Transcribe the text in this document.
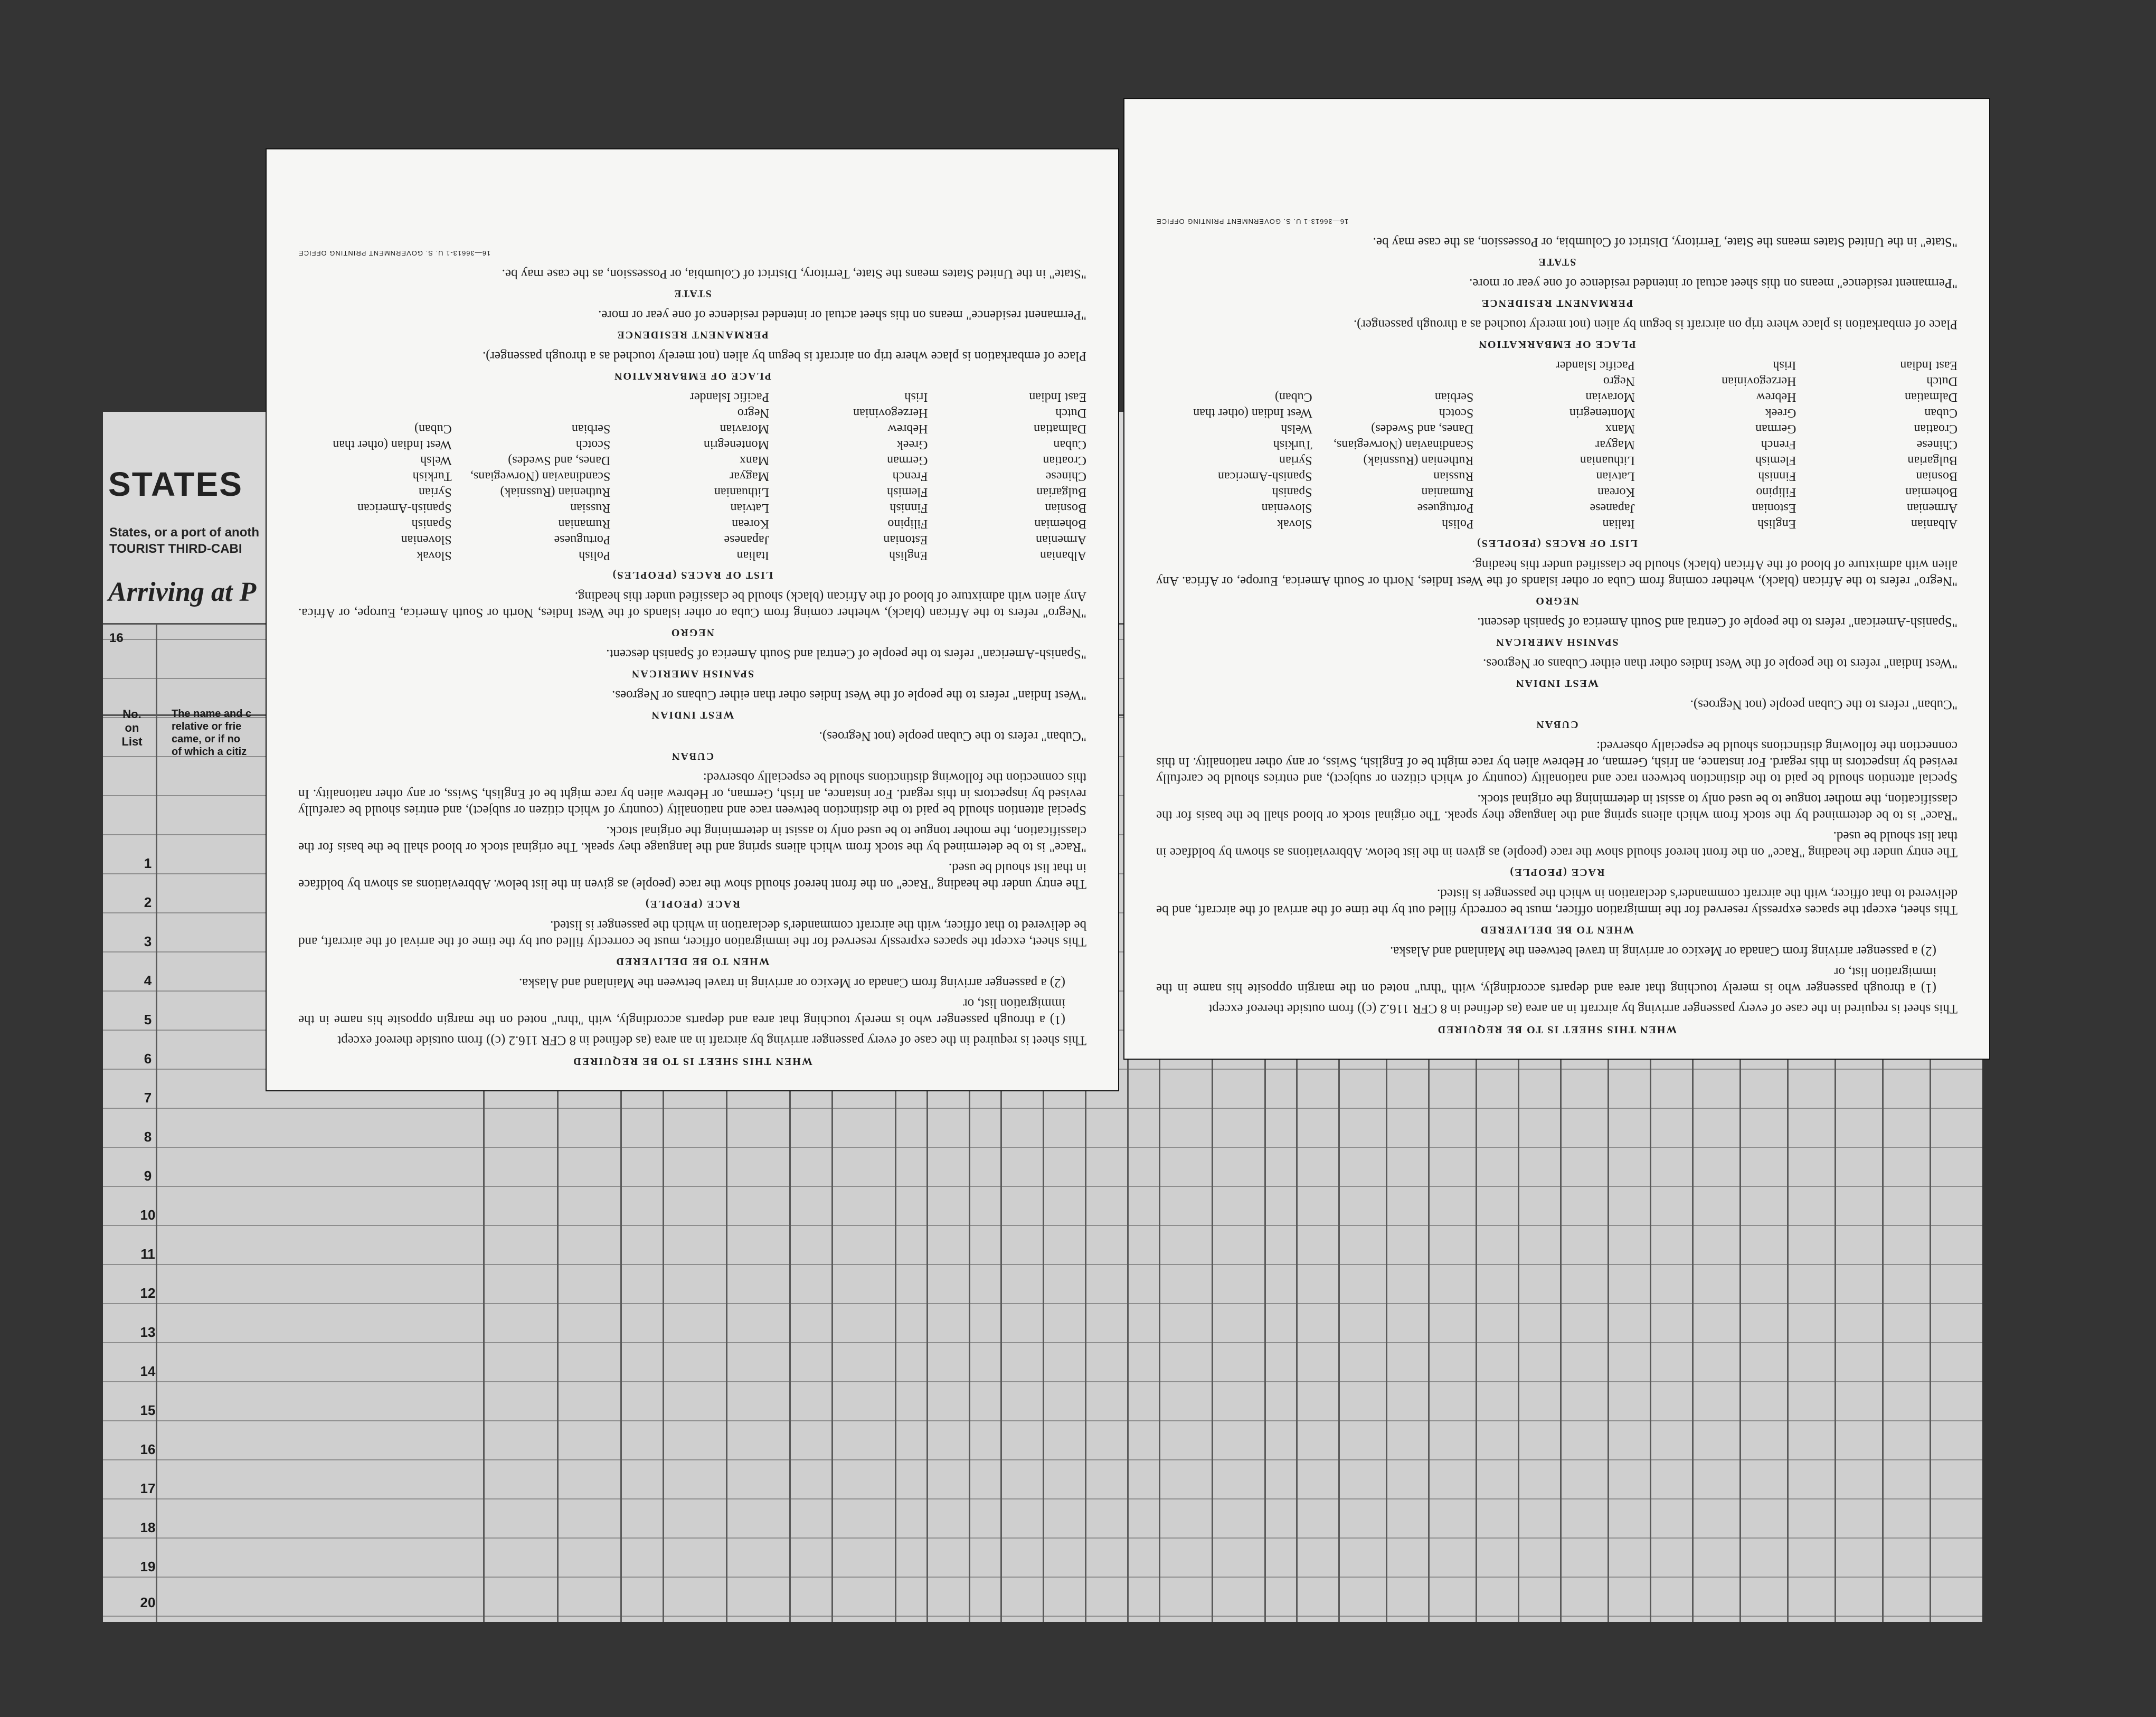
STATES
States, or a port of anoth
TOURIST THIRD-CABI
Arriving at P
16
No.
on
List
The name and c
relative or frie
came, or if no
of which a citiz
1
2
3
4
5
6
7
8
9
10
11
12
13
14
15
16
17
18
19
20
WHEN THIS SHEET IS TO BE REQUIRED

This sheet is required in the case of every passenger arriving by aircraft in an area (as defined in 8 CFR 116.2 (c)) from outside thereof except

(1) a through passenger who is merely touching that area and departs accordingly, with "thru" noted on the margin opposite his name in the immigration list, or

(2) a passenger arriving from Canada or Mexico or arriving in travel between the Mainland and Alaska.

WHEN TO BE DELIVERED

This sheet, except the spaces expressly reserved for the immigration officer, must be correctly filled out by the time of the arrival of the aircraft, and be delivered to that officer, with the aircraft commander's declaration in which the passenger is listed.

RACE (PEOPLE)

The entry under the heading "Race" on the front hereof should show the race (people) as given in the list below. Abbreviations as shown by boldface in that list should be used.

"Race" is to be determined by the stock from which aliens spring and the language they speak. The original stock or blood shall be the basis for the classification, the mother tongue to be used only to assist in determining the original stock.

Special attention should be paid to the distinction between race and nationality (country of which citizen or subject), and entries should be carefully revised by inspectors in this regard. For instance, an Irish, German, or Hebrew alien by race might be of English, Swiss, or any other nationality. In this connection the following distinctions should be especially observed:

CUBAN

"Cuban" refers to the Cuban people (not Negroes).

WEST INDIAN

"West Indian" refers to the people of the West Indies other than either Cubans or Negroes.

SPANISH AMERICAN

"Spanish-American" refers to the people of Central and South America of Spanish descent.

NEGRO

"Negro" refers to the African (black), whether coming from Cuba or other islands of the West Indies, North or South America, Europe, or Africa. Any alien with admixture of blood of the African (black) should be classified under this heading.

LIST OF RACES (PEOPLES)
Albanian
Armenian
Bohemian
Bosnian
Bulgarian
Chinese
Croatian
Cuban
Dalmatian
Dutch
East Indian
English
Estonian
Filipino
Finnish
Flemish
French
German
Greek
Hebrew
Herzegovinian
Irish
Italian
Japanese
Korean
Latvian
Lithuanian
Magyar
Manx
Montenegrin
Moravian
Negro
Pacific Islander
Polish
Portuguese
Rumanian
Russian
Ruthenian (Russniak)
Scandinavian (Norwegians, Danes, and Swedes)
Scotch
Serbian
Slovak
Slovenian
Spanish
Spanish-American
Syrian
Turkish
Welsh
West Indian (other than Cuban)
PLACE OF EMBARKATION

Place of embarkation is place where trip on aircraft is begun by alien (not merely touched as a through passenger).

PERMANENT RESIDENCE

"Permanent residence" means on this sheet actual or intended residence of one year or more.

STATE

"State" in the United States means the State, Territory, District of Columbia, or Possession, as the case may be.

16—36613-1 U. S. GOVERNMENT PRINTING OFFICE
WHEN THIS SHEET IS TO BE REQUIRED

This sheet is required in the case of every passenger arriving by aircraft in an area (as defined in 8 CFR 116.2 (c)) from outside thereof except

(1) a through passenger who is merely touching that area and departs accordingly, with "thru" noted on the margin opposite his name in the immigration list, or

(2) a passenger arriving from Canada or Mexico or arriving in travel between the Mainland and Alaska.

WHEN TO BE DELIVERED

This sheet, except the spaces expressly reserved for the immigration officer, must be correctly filled out by the time of the arrival of the aircraft, and be delivered to that officer, with the aircraft commander's declaration in which the passenger is listed.

RACE (PEOPLE)

The entry under the heading "Race" on the front hereof should show the race (people) as given in the list below. Abbreviations as shown by boldface in that list should be used.

"Race" is to be determined by the stock from which aliens spring and the language they speak. The original stock or blood shall be the basis for the classification, the mother tongue to be used only to assist in determining the original stock.

Special attention should be paid to the distinction between race and nationality (country of which citizen or subject), and entries should be carefully revised by inspectors in this regard. For instance, an Irish, German, or Hebrew alien by race might be of English, Swiss, or any other nationality. In this connection the following distinctions should be especially observed:

CUBAN

"Cuban" refers to the Cuban people (not Negroes).

WEST INDIAN

"West Indian" refers to the people of the West Indies other than either Cubans or Negroes.

SPANISH AMERICAN

"Spanish-American" refers to the people of Central and South America of Spanish descent.

NEGRO

"Negro" refers to the African (black), whether coming from Cuba or other islands of the West Indies, North or South America, Europe, or Africa. Any alien with admixture of blood of the African (black) should be classified under this heading.

LIST OF RACES (PEOPLES)
Albanian
Armenian
Bohemian
Bosnian
Bulgarian
Chinese
Croatian
Cuban
Dalmatian
Dutch
East Indian
English
Estonian
Filipino
Finnish
Flemish
French
German
Greek
Hebrew
Herzegovinian
Irish
Italian
Japanese
Korean
Latvian
Lithuanian
Magyar
Manx
Montenegrin
Moravian
Negro
Pacific Islander
Polish
Portuguese
Rumanian
Russian
Ruthenian (Russniak)
Scandinavian (Norwegians, Danes, and Swedes)
Scotch
Serbian
Slovak
Slovenian
Spanish
Spanish-American
Syrian
Turkish
Welsh
West Indian (other than Cuban)
PLACE OF EMBARKATION

Place of embarkation is place where trip on aircraft is begun by alien (not merely touched as a through passenger).

PERMANENT RESIDENCE

"Permanent residence" means on this sheet actual or intended residence of one year or more.

STATE

"State" in the United States means the State, Territory, District of Columbia, or Possession, as the case may be.

16—36613-1 U. S. GOVERNMENT PRINTING OFFICE
